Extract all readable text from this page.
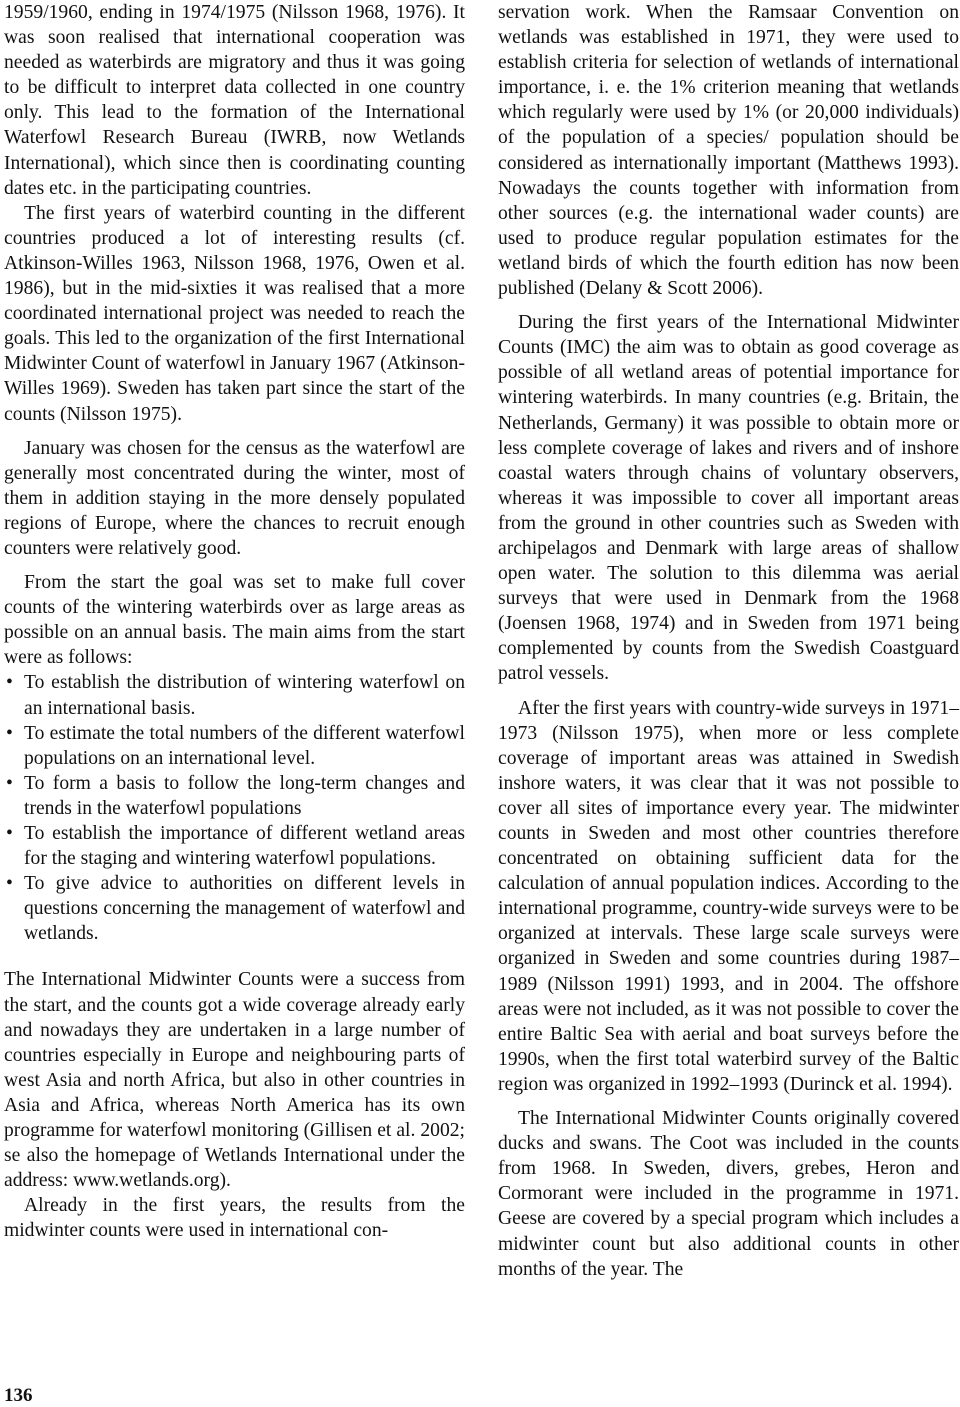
1959/1960, ending in 1974/1975 (Nilsson 1968, 1976). It was soon realised that international cooperation was needed as waterbirds are migratory and thus it was going to be difficult to interpret data collected in one country only. This lead to the formation of the International Waterfowl Research Bureau (IWRB, now Wetlands International), which since then is coordinating counting dates etc. in the participating countries.

The first years of waterbird counting in the different countries produced a lot of interesting results (cf. Atkinson-Willes 1963, Nilsson 1968, 1976, Owen et al. 1986), but in the mid-sixties it was realised that a more coordinated international project was needed to reach the goals. This led to the organization of the first International Midwinter Count of waterfowl in January 1967 (Atkinson-Willes 1969). Sweden has taken part since the start of the counts (Nilsson 1975).

January was chosen for the census as the waterfowl are generally most concentrated during the winter, most of them in addition staying in the more densely populated regions of Europe, where the chances to recruit enough counters were relatively good.

From the start the goal was set to make full cover counts of the wintering waterbirds over as large areas as possible on an annual basis. The main aims from the start were as follows:

• To establish the distribution of wintering waterfowl on an international basis.
• To estimate the total numbers of the different waterfowl populations on an international level.
• To form a basis to follow the long-term changes and trends in the waterfowl populations
• To establish the importance of different wetland areas for the staging and wintering waterfowl populations.
• To give advice to authorities on different levels in questions concerning the management of waterfowl and wetlands.

The International Midwinter Counts were a success from the start, and the counts got a wide coverage already early and nowadays they are undertaken in a large number of countries especially in Europe and neighbouring parts of west Asia and north Africa, but also in other countries in Asia and Africa, whereas North America has its own programme for waterfowl monitoring (Gillisen et al. 2002; se also the homepage of Wetlands International under the address: www.wetlands.org).

Already in the first years, the results from the midwinter counts were used in international con-

servation work. When the Ramsaar Convention on wetlands was established in 1971, they were used to establish criteria for selection of wetlands of international importance, i. e. the 1% criterion meaning that wetlands which regularly were used by 1% (or 20,000 individuals) of the population of a species/ population should be considered as internationally important (Matthews 1993). Nowadays the counts together with information from other sources (e.g. the international wader counts) are used to produce regular population estimates for the wetland birds of which the fourth edition has now been published (Delany & Scott 2006).

During the first years of the International Midwinter Counts (IMC) the aim was to obtain as good coverage as possible of all wetland areas of potential importance for wintering waterbirds. In many countries (e.g. Britain, the Netherlands, Germany) it was possible to obtain more or less complete coverage of lakes and rivers and of inshore coastal waters through chains of voluntary observers, whereas it was impossible to cover all important areas from the ground in other countries such as Sweden with archipelagos and Denmark with large areas of shallow open water. The solution to this dilemma was aerial surveys that were used in Denmark from the 1968 (Joensen 1968, 1974) and in Sweden from 1971 being complemented by counts from the Swedish Coastguard patrol vessels.

After the first years with country-wide surveys in 1971–1973 (Nilsson 1975), when more or less complete coverage of important areas was attained in Swedish inshore waters, it was clear that it was not possible to cover all sites of importance every year. The midwinter counts in Sweden and most other countries therefore concentrated on obtaining sufficient data for the calculation of annual population indices. According to the international programme, country-wide surveys were to be organized at intervals. These large scale surveys were organized in Sweden and some countries during 1987–1989 (Nilsson 1991) 1993, and in 2004. The offshore areas were not included, as it was not possible to cover the entire Baltic Sea with aerial and boat surveys before the 1990s, when the first total waterbird survey of the Baltic region was organized in 1992–1993 (Durinck et al. 1994).

The International Midwinter Counts originally covered ducks and swans. The Coot was included in the counts from 1968. In Sweden, divers, grebes, Heron and Cormorant were included in the programme in 1971. Geese are covered by a special program which includes a midwinter count but also additional counts in other months of the year. The

136
